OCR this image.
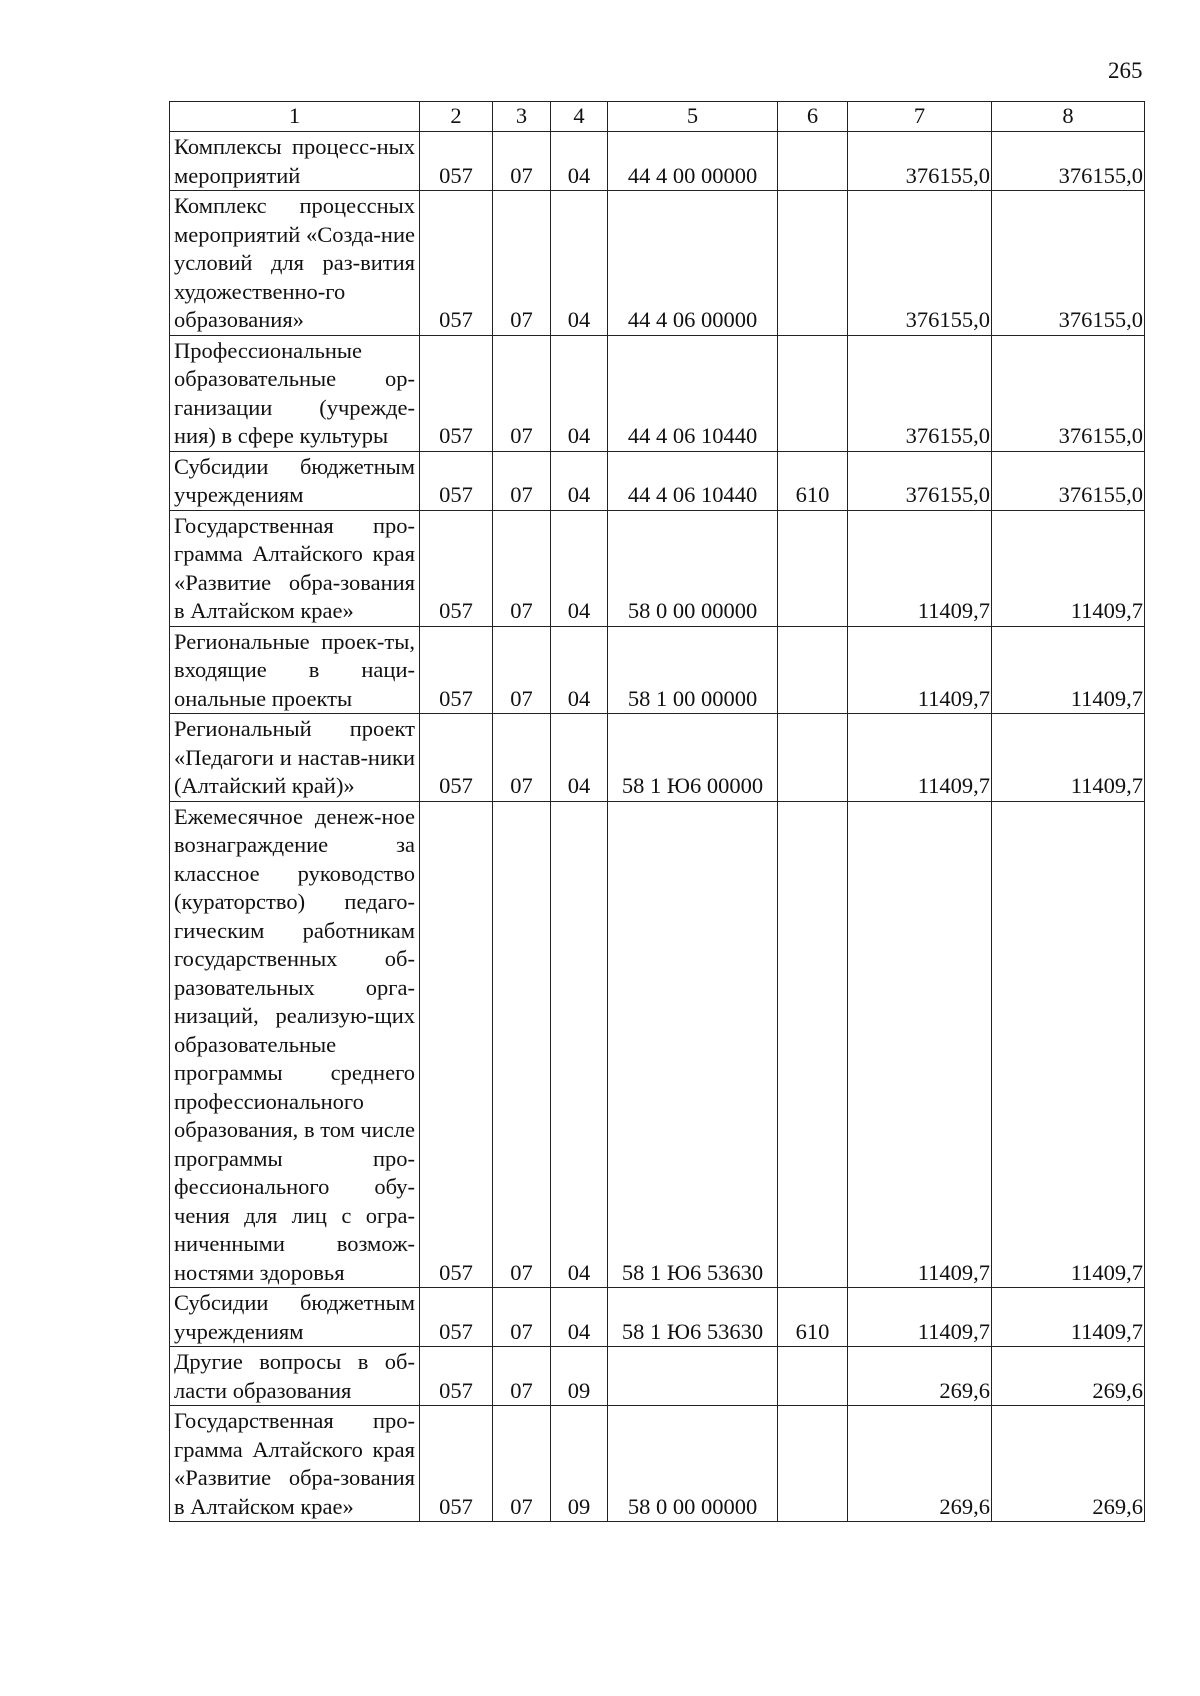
265
1	2	3	4	5	6	7	8
Комплексы процесс-ных мероприятий	057	07	04	44 4 00 00000		376155,0	376155,0
Комплекс процессных мероприятий «Созда-ние условий для раз-вития художественно-го образования»	057	07	04	44 4 06 00000		376155,0	376155,0
Профессиональные образовательные ор-ганизации (учрежде-ния) в сфере культуры	057	07	04	44 4 06 10440		376155,0	376155,0
Субсидии бюджетным учреждениям	057	07	04	44 4 06 10440	610	376155,0	376155,0
Государственная про-грамма Алтайского края «Развитие обра-зования в Алтайском крае»	057	07	04	58 0 00 00000		11409,7	11409,7
Региональные проек-ты, входящие в наци-ональные проекты	057	07	04	58 1 00 00000		11409,7	11409,7
Региональный проект «Педагоги и настав-ники (Алтайский край)»	057	07	04	58 1 Ю6 00000		11409,7	11409,7
Ежемесячное денеж-ное вознаграждение за классное руководство (кураторство) педаго-гическим работникам государственных об-разовательных орга-низаций, реализую-щих образовательные программы среднего профессионального образования, в том числе программы про-фессионального обу-чения для лиц с огра-ниченными возмож-ностями здоровья	057	07	04	58 1 Ю6 53630		11409,7	11409,7
Субсидии бюджетным учреждениям	057	07	04	58 1 Ю6 53630	610	11409,7	11409,7
Другие вопросы в об-ласти образования	057	07	09			269,6	269,6
Государственная про-грамма Алтайского края «Развитие обра-зования в Алтайском крае»	057	07	09	58 0 00 00000		269,6	269,6
